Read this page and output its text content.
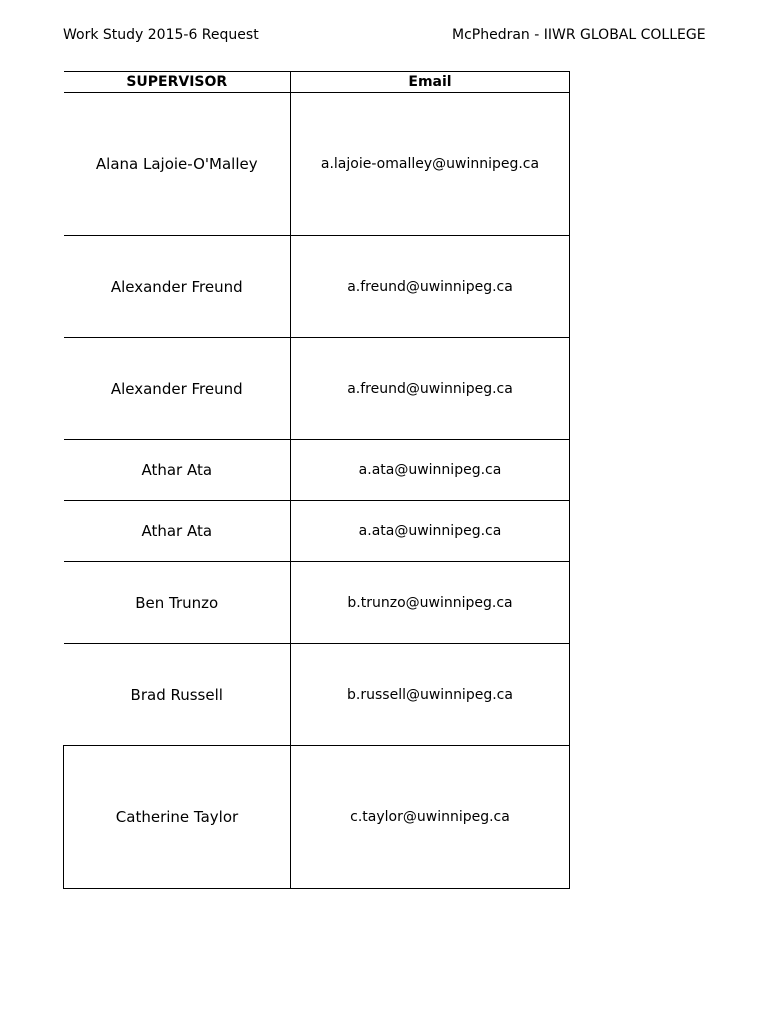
Work Study 2015-6 Request	McPhedran - IIWR GLOBAL COLLEGE
SUPERVISOR	Email
Alana Lajoie-O'Malley	a.lajoie-omalley@uwinnipeg.ca
Alexander Freund	a.freund@uwinnipeg.ca
Alexander Freund	a.freund@uwinnipeg.ca
Athar Ata	a.ata@uwinnipeg.ca
Athar Ata	a.ata@uwinnipeg.ca
Ben Trunzo	b.trunzo@uwinnipeg.ca
Brad Russell	b.russell@uwinnipeg.ca
Catherine Taylor	c.taylor@uwinnipeg.ca
